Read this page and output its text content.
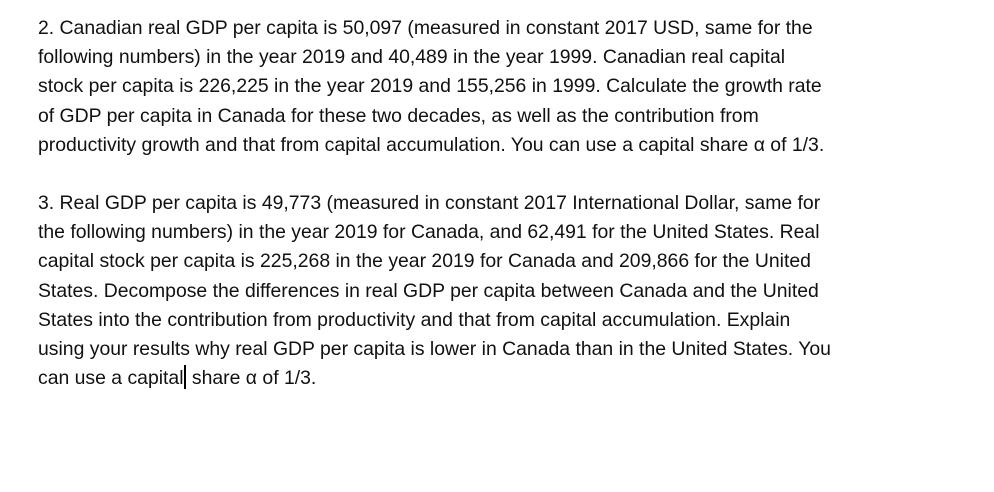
2. Canadian real GDP per capita is 50,097 (measured in constant 2017 USD, same for the
following numbers) in the year 2019 and 40,489 in the year 1999. Canadian real capital
stock per capita is 226,225 in the year 2019 and 155,256 in 1999. Calculate the growth rate
of GDP per capita in Canada for these two decades, as well as the contribution from
productivity growth and that from capital accumulation. You can use a capital share α of 1/3.

3. Real GDP per capita is 49,773 (measured in constant 2017 International Dollar, same for
the following numbers) in the year 2019 for Canada, and 62,491 for the United States. Real
capital stock per capita is 225,268 in the year 2019 for Canada and 209,866 for the United
States. Decompose the differences in real GDP per capita between Canada and the United
States into the contribution from productivity and that from capital accumulation. Explain
using your results why real GDP per capita is lower in Canada than in the United States. You
can use a capital share α of 1/3.
